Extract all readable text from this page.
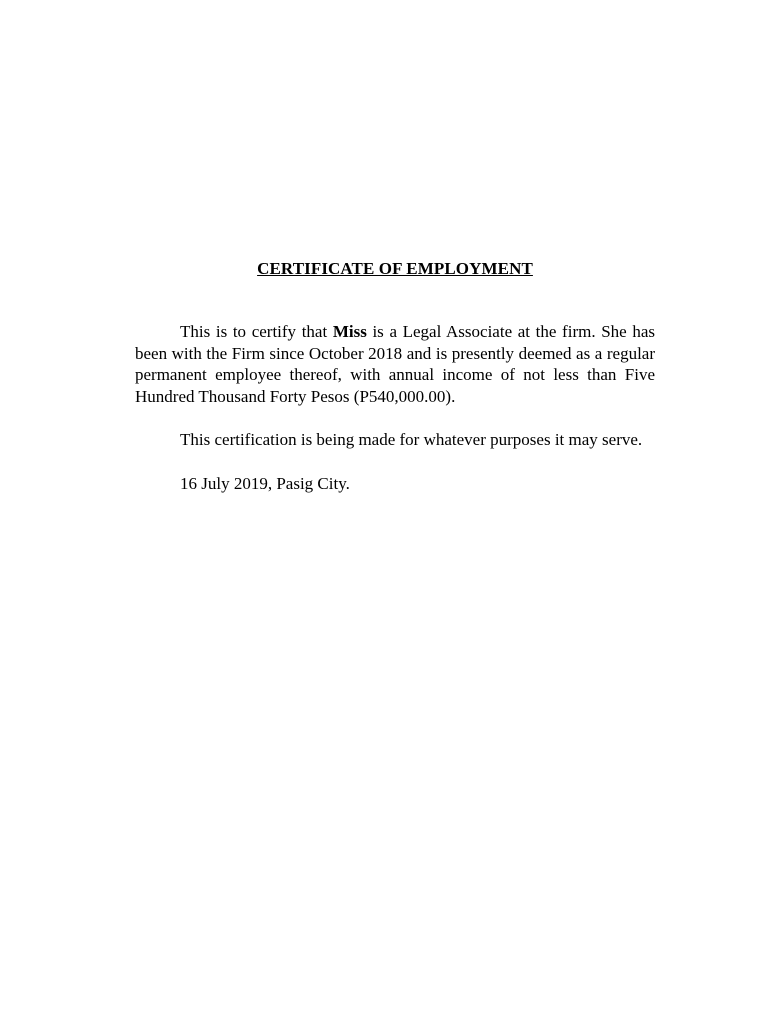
CERTIFICATE OF EMPLOYMENT

This is to certify that Miss is a Legal Associate at the firm. She has been with the Firm since October 2018 and is presently deemed as a regular permanent employee thereof, with annual income of not less than Five Hundred Thousand Forty Pesos (P540,000.00).

This certification is being made for whatever purposes it may serve.

16 July 2019, Pasig City.
